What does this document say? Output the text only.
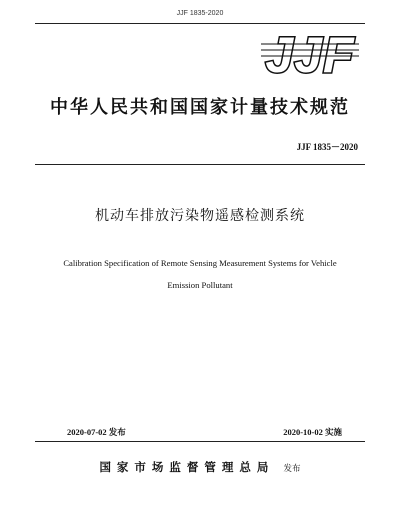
JJF 1835-2020
JJF
中华人民共和国国家计量技术规范
JJF 1835－2020
机动车排放污染物遥感检测系统
Calibration Specification of Remote Sensing Measurement Systems for Vehicle
Emission Pollutant
2020-07-02 发布	2020-10-02 实施
国家市场监督管理总局 发布
